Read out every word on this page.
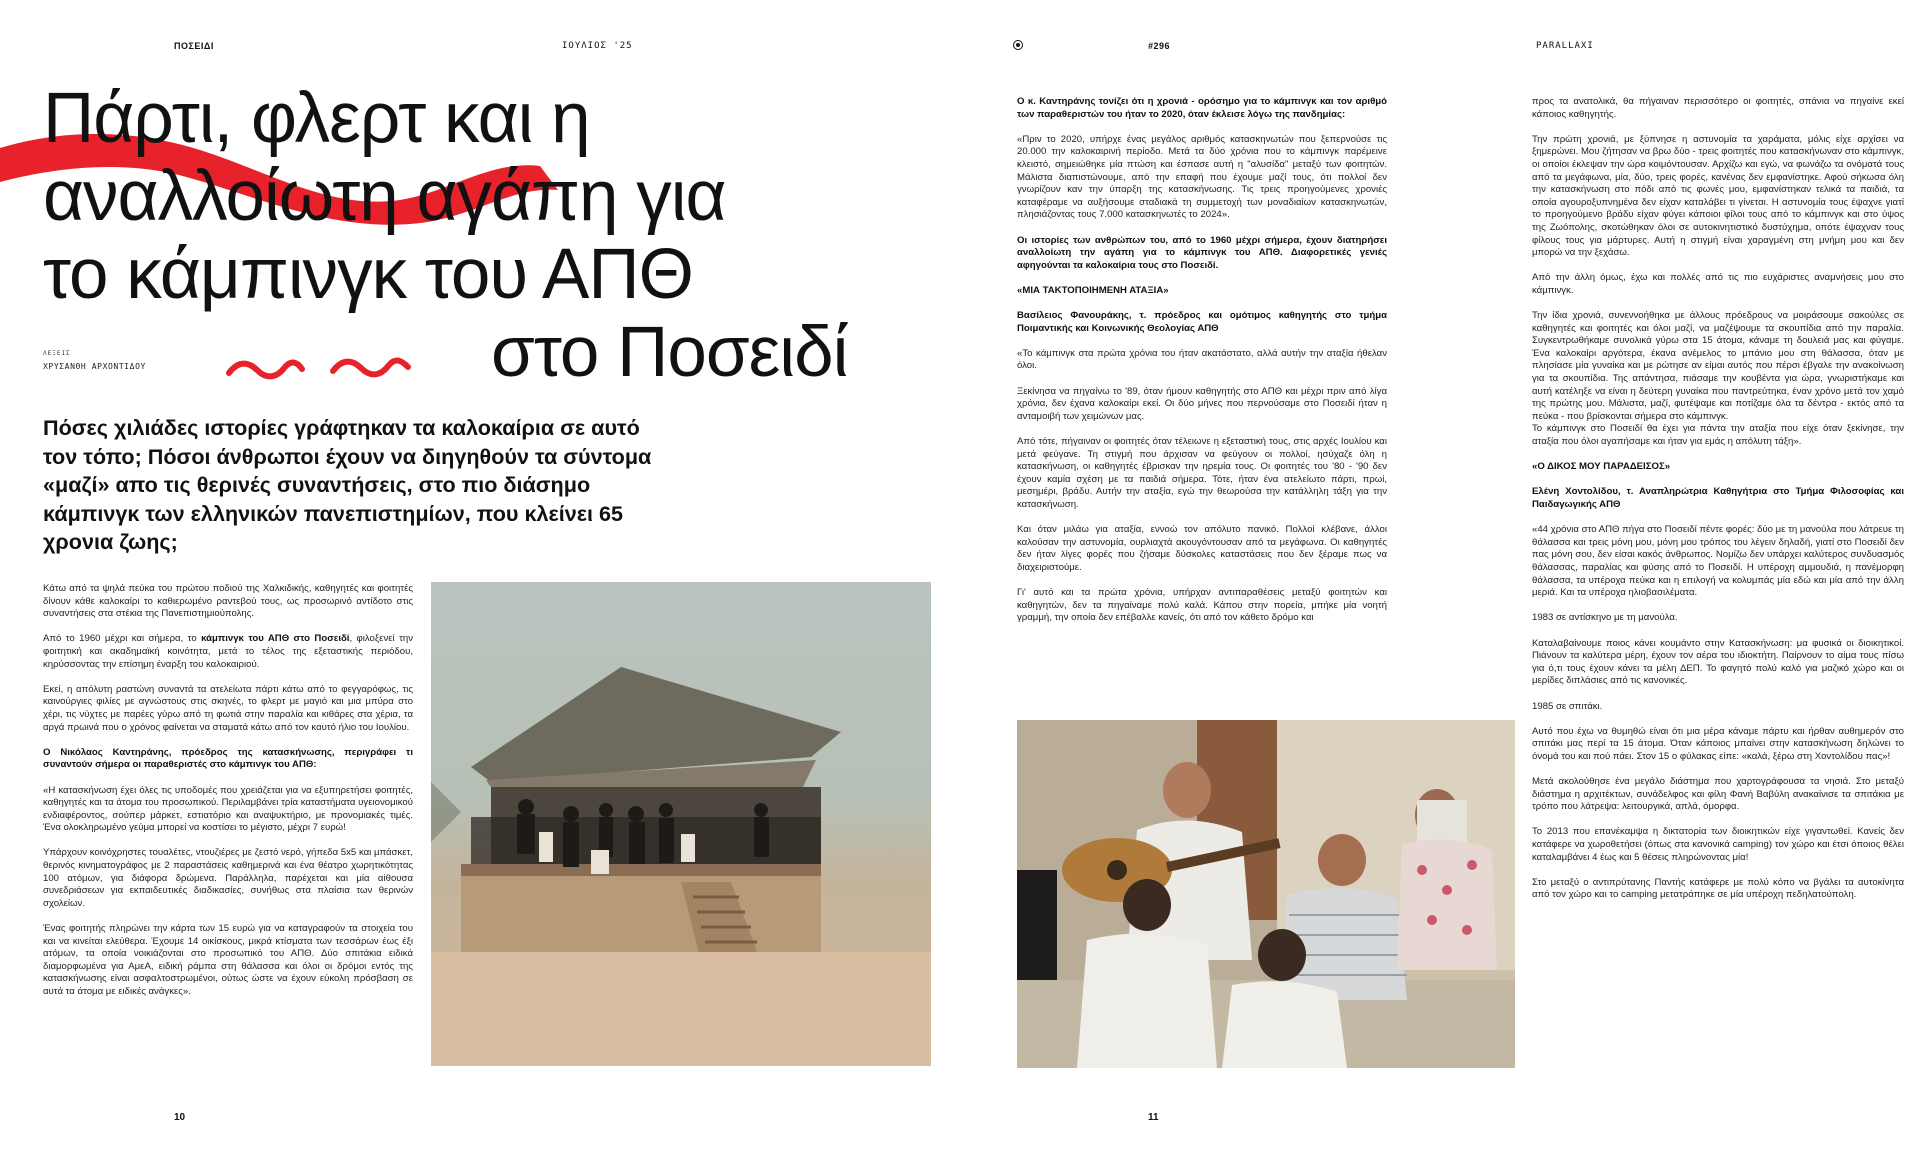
ΠΟΣΕΙΔΙ	ΙΟΥΛΙΟΣ '25	#296	PARALLAXI
Πάρτι, φλερτ και η
αναλλοίωτη αγάπη για
το κάμπινγκ του ΑΠΘ
στο Ποσειδί
ΛΕΞΕΙΣ
ΧΡΥΣΑΝΘΗ ΑΡΧΟΝΤΙΔΟΥ

Πόσες χιλιάδες ιστορίες γράφτηκαν τα καλοκαίρια σε αυτό τον τόπο; Πόσοι άνθρωποι έχουν να διηγηθούν τα σύντομα «μαζί» απο τις θερινές συναντήσεις, στο πιο διάσημο κάμπινγκ των ελληνικών πανεπιστημίων, που κλείνει 65 χρονια ζωης;

Κάτω από τα ψηλά πεύκα του πρώτου ποδιού της Χαλκιδικής, καθηγητές και φοιτητές δίνουν κάθε καλοκαίρι το καθιερωμένο ραντεβού τους, ως προσωρινό αντίδοτο στις συναντήσεις στα στέκια της Πανεπιστημιούπολης.

Από το 1960 μέχρι και σήμερα, το κάμπινγκ του ΑΠΘ στο Ποσειδί, φιλοξενεί την φοιτητική και ακαδημαϊκή κοινότητα, μετά το τέλος της εξεταστικής περιόδου, κηρύσσοντας την επίσημη έναρξη του καλοκαιριού.

Εκεί, η απόλυτη ραστώνη συναντά τα ατελείωτα πάρτι κάτω από το φεγγαρόφως, τις καινούργιες φιλίες με αγνώστους στις σκηνές, το φλερτ με μαγιό και μια μπύρα στο χέρι, τις νύχτες με παρέες γύρω από τη φωτιά στην παραλία και κιθάρες στα χέρια, τα αργά πρωινά που ο χρόνος φαίνεται να σταματά κάτω από τον καυτό ήλιο του Ιουλίου.

Ο Νικόλαος Καντηράνης, πρόεδρος της κατασκήνωσης, περιγράφει τι συναντούν σήμερα οι παραθεριστές στο κάμπινγκ του ΑΠΘ:

«Η κατασκήνωση έχει όλες τις υποδομές που χρειάζεται για να εξυπηρετήσει φοιτητές, καθηγητές και τα άτομα του προσωπικού. Περιλαμβάνει τρία καταστήματα υγειονομικού ενδιαφέροντος, σούπερ μάρκετ, εστιατόριο και αναψυκτήριο, με προνομιακές τιμές. Ένα ολοκληρωμένο γεύμα μπορεί να κοστίσει το μέγιστο, μέχρι 7 ευρώ!

Υπάρχουν κοινόχρηστες τουαλέτες, ντουζιέρες με ζεστό νερό, γήπεδα 5x5 και μπάσκετ, θερινός κινηματογράφος με 2 παραστάσεις καθημερινά και ένα θέατρο χωρητικότητας 100 ατόμων, για διάφορα δρώμενα. Παράλληλα, παρέχεται και μία αίθουσα συνεδριάσεων για εκπαιδευτικές διαδικασίες, συνήθως στα πλαίσια των θερινών σχολείων.

Ένας φοιτητής πληρώνει την κάρτα των 15 ευρώ για να καταγραφούν τα στοιχεία του και να κινείται ελεύθερα. Έχουμε 14 οικίσκους, μικρά κτίσματα των τεσσάρων έως έξι ατόμων, τα οποία νοικιάζονται στο προσωπικό του ΑΠΘ. Δύο σπιτάκια ειδικά διαμορφωμένα για ΑμεΑ, ειδική ράμπα στη θάλασσα και όλοι οι δρόμοι εντός της κατασκήνωσης είναι ασφαλτοστρωμένοι, ούτως ώστε να έχουν εύκολη πρόσβαση σε αυτά τα άτομα με ειδικές ανάγκες».

10

Ο κ. Καντηράνης τονίζει ότι η χρονιά - ορόσημο για το κάμπινγκ και τον αριθμό των παραθεριστών του ήταν το 2020, όταν έκλεισε λόγω της πανδημίας:

«Πριν το 2020, υπήρχε ένας μεγάλος αριθμός κατασκηνωτών που ξεπερνούσε τις 20.000 την καλοκαιρινή περίοδο. Μετά τα δύο χρόνια που το κάμπινγκ παρέμεινε κλειστό, σημειώθηκε μία πτώση και έσπασε αυτή η "αλυσίδα" μεταξύ των φοιτητών. Μάλιστα διαπιστώνουμε, από την επαφή που έχουμε μαζί τους, ότι πολλοί δεν γνωρίζουν καν την ύπαρξη της κατασκήνωσης. Τις τρεις προηγούμενες χρονιές καταφέραμε να αυξήσουμε σταδιακά τη συμμετοχή των μοναδιαίων κατασκηνωτών, πλησιάζοντας τους 7.000 κατασκηνωτές το 2024».

Οι ιστορίες των ανθρώπων του, από το 1960 μέχρι σήμερα, έχουν διατηρήσει αναλλοίωτη την αγάπη για το κάμπινγκ του ΑΠΘ. Διαφορετικές γενιές αφηγούνται τα καλοκαίρια τους στο Ποσειδί.

«ΜΙΑ ΤΑΚΤΟΠΟΙΗΜΕΝΗ ΑΤΑΞΙΑ»

Βασίλειος Φανουράκης, τ. πρόεδρος και ομότιμος καθηγητής στο τμήμα Ποιμαντικής και Κοινωνικής Θεολογίας ΑΠΘ

«Το κάμπινγκ στα πρώτα χρόνια του ήταν ακατάστατο, αλλά αυτήν την αταξία ήθελαν όλοι.

Ξεκίνησα να πηγαίνω το '89, όταν ήμουν καθηγητής στο ΑΠΘ και μέχρι πριν από λίγα χρόνια, δεν έχανα καλοκαίρι εκεί. Οι δύο μήνες που περνούσαμε στο Ποσειδί ήταν η ανταμοιβή των χειμώνων μας.

Από τότε, πήγαιναν οι φοιτητές όταν τέλειωνε η εξεταστική τους, στις αρχές Ιουλίου και μετά φεύγανε. Τη στιγμή που άρχισαν να φεύγουν οι πολλοί, ησύχαζε όλη η κατασκήνωση, οι καθηγητές έβρισκαν την ηρεμία τους. Οι φοιτητές του '80 - '90 δεν έχουν καμία σχέση με τα παιδιά σήμερα. Τότε, ήταν ένα ατελείωτο πάρτι, πρωί, μεσημέρι, βράδυ. Αυτήν την αταξία, εγώ την θεωρούσα την κατάλληλη τάξη για την κατασκήνωση.

Και όταν μιλάω για αταξία, εννοώ τον απόλυτο πανικό. Πολλοί κλέβανε, άλλοι καλούσαν την αστυνομία, ουρλιαχτά ακουγόντουσαν από τα μεγάφωνα. Οι καθηγητές δεν ήταν λίγες φορές που ζήσαμε δύσκολες καταστάσεις που δεν ξέραμε πως να διαχειριστούμε.

Γι' αυτό και τα πρώτα χρόνια, υπήρχαν αντιπαραθέσεις μεταξύ φοιτητών και καθηγητών, δεν τα πηγαίναμε πολύ καλά. Κάπου στην πορεία, μπήκε μία νοητή γραμμή, την οποία δεν επέβαλλε κανείς, ότι από τον κάθετο δρόμο και

προς τα ανατολικά, θα πήγαιναν περισσότερο οι φοιτητές, σπάνια να πηγαίνε εκεί κάποιος καθηγητής.

Την πρώτη χρονιά, με ξύπνησε η αστυνομία τα χαράματα, μόλις είχε αρχίσει να ξημερώνει. Μου ζήτησαν να βρω δύο - τρεις φοιτητές που κατασκήνωναν στο κάμπινγκ, οι οποίοι έκλεψαν την ώρα κοιμόντουσαν. Αρχίζω και εγώ, να φωνάζω τα ονόματά τους από τα μεγάφωνα, μία, δύο, τρεις φορές, κανένας δεν εμφανίστηκε. Αφού σήκωσα όλη την κατασκήνωση στο πόδι από τις φωνές μου, εμφανίστηκαν τελικά τα παιδιά, τα οποία αγουροξυπνημένα δεν είχαν καταλάβει τι γίνεται. Η αστυνομία τους έψαχνε γιατί το προηγούμενο βράδυ είχαν φύγει κάποιοι φίλοι τους από το κάμπινγκ και στο ύψος της Ζωόπολης, σκοτώθηκαν όλοι σε αυτοκινητιστικό δυστύχημα, οπότε έψαχναν τους φίλους τους για μάρτυρες. Αυτή η στιγμή είναι χαραγμένη στη μνήμη μου και δεν μπορώ να την ξεχάσω.

Από την άλλη όμως, έχω και πολλές από τις πιο ευχάριστες αναμνήσεις μου στο κάμπινγκ.

Την ίδια χρονιά, συνεννοήθηκα με άλλους πρόεδρους να μοιράσουμε σακούλες σε καθηγητές και φοιτητές και όλοι μαζί, να μαζέψουμε τα σκουπίδια από την παραλία. Συγκεντρωθήκαμε συνολικά γύρω στα 15 άτομα, κάναμε τη δουλειά μας και φύγαμε. Ένα καλοκαίρι αργότερα, έκανα ανέμελος το μπάνιο μου στη θάλασσα, όταν με πλησίασε μία γυναίκα και με ρώτησε αν είμαι αυτός που πέρσι έβγαλε την ανακοίνωση για τα σκουπίδια. Της απάντησα, πιάσαμε την κουβέντα για ώρα, γνωριστήκαμε και αυτή κατέληξε να είναι η δεύτερη γυναίκα που παντρεύτηκα, έναν χρόνο μετά τον χαμό της πρώτης μου. Μάλιστα, μαζί, φυτέψαμε και ποτίζαμε όλα τα δέντρα - εκτός από τα πεύκα - που βρίσκονται σήμερα στο κάμπινγκ.

Το κάμπινγκ στο Ποσειδί θα έχει για πάντα την αταξία που είχε όταν ξεκίνησε, την αταξία που όλοι αγαπήσαμε και ήταν για εμάς η απόλυτη τάξη».

«Ο ΔΙΚΟΣ ΜΟΥ ΠΑΡΑΔΕΙΣΟΣ»

Ελένη Χοντολίδου, τ. Αναπληρώτρια Καθηγήτρια στο Τμήμα Φιλοσοφίας και Παιδαγωγικής ΑΠΘ

«44 χρόνια στο ΑΠΘ πήγα στο Ποσειδί πέντε φορές: δύο με τη μανούλα που λάτρευε τη θάλασσα και τρεις μόνη μου, μόνη μου τρόπος του λέγειν δηλαδή, γιατί στο Ποσειδί δεν πας μόνη σου, δεν είσαι κακός άνθρωπος. Νομίζω δεν υπάρχει καλύτερος συνδυασμός θάλασσας, παραλίας και φύσης από το Ποσειδί. Η υπέροχη αμμουδιά, η πανέμορφη θάλασσα, τα υπέροχα πεύκα και η επιλογή να κολυμπάς μία εδώ και μία από την άλλη μεριά. Και τα υπέροχα ηλιοβασιλέματα.

1983 σε αντίσκηνο με τη μανούλα.

Καταλαβαίνουμε ποιος κάνει κουμάντο στην Κατασκήνωση: μα φυσικά οι διοικητικοί. Πιάνουν τα καλύτερα μέρη, έχουν τον αέρα του ιδιοκτήτη. Παίρνουν το αίμα τους πίσω για ό,τι τους έχουν κάνει τα μέλη ΔΕΠ. Το φαγητό πολύ καλό για μαζικό χώρο και οι μερίδες διπλάσιες από τις κανονικές.

1985 σε σπιτάκι.

Αυτό που έχω να θυμηθώ είναι ότι μια μέρα κάναμε πάρτυ και ήρθαν αυθημερόν στο σπιτάκι μας περί τα 15 άτομα. Όταν κάποιος μπαίνει στην κατασκήνωση δηλώνει το όνομά του και πού πάει. Στον 15 ο φύλακας είπε: «καλά, ξέρω στη Χοντολίδου πας»!

Μετά ακολούθησε ένα μεγάλο διάστημα που χαρτογράφουσα τα νησιά. Στο μεταξύ διάστημα η αρχιτέκτων, συνάδελφος και φίλη Φανή Βαβύλη ανακαίνισε τα σπιτάκια με τρόπο που λάτρεψα: λειτουργικά, απλά, όμορφα.

Το 2013 που επανέκαμψα η δικτατορία των διοικητικών είχε γιγαντωθεί. Κανείς δεν κατάφερε να χωροθετήσει (όπως στα κανονικά camping) τον χώρο και έτσι όποιος θέλει καταλαμβάνει 4 έως και 5 θέσεις πληρώνοντας μία!

Στο μεταξύ ο αντιπρύτανης Παντής κατάφερε με πολύ κόπο να βγάλει τα αυτοκίνητα από τον χώρο και το camping μετατράπηκε σε μία υπέροχη πεδηλατούπολη.

11
